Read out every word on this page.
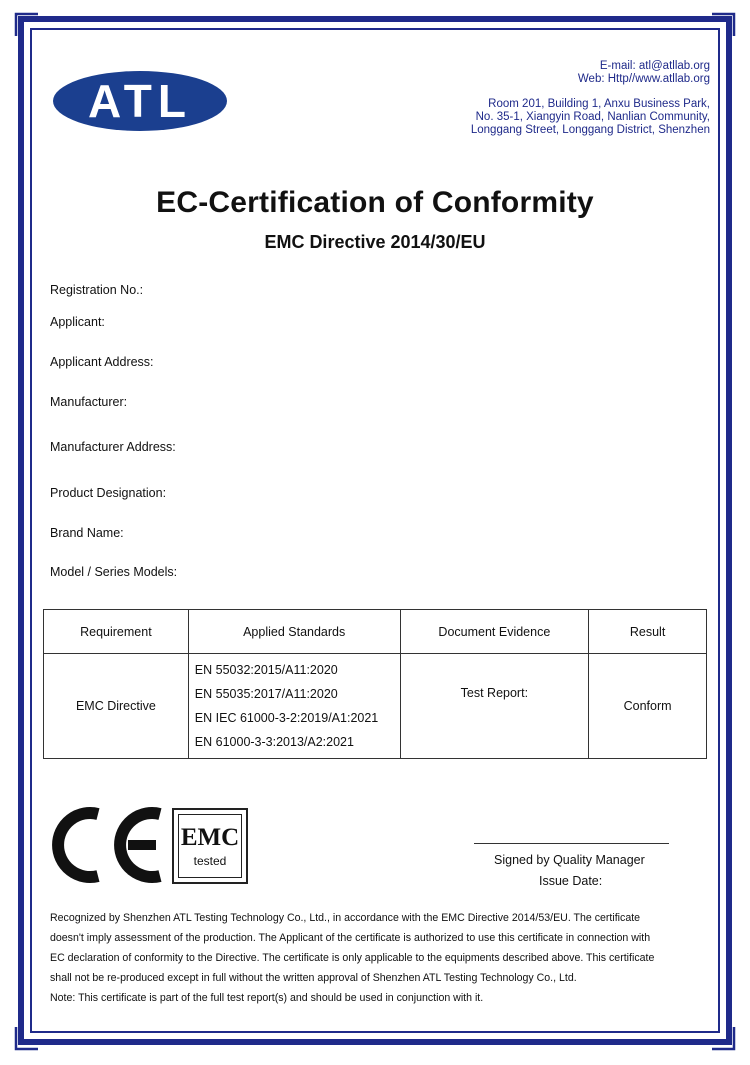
ATL
E-mail: atl@atllab.org
Web: Http//www.atllab.org
Room 201, Building 1, Anxu Business Park,
No. 35-1, Xiangyin Road, Nanlian Community,
Longgang Street, Longgang District, Shenzhen
EC-Certification of Conformity
EMC Directive 2014/30/EU
Registration No.:
Applicant:
Applicant Address:
Manufacturer:
Manufacturer Address:
Product Designation:
Brand Name:
Model / Series Models:
Requirement	Applied Standards	Document Evidence	Result
EMC Directive	EN 55032:2015/A11:2020
EN 55035:2017/A11:2020
EN IEC 61000-3-2:2019/A1:2021
EN 61000-3-3:2013/A2:2021	Test Report:	Conform
EMC
tested	Signed by Quality Manager
Issue Date:

Recognized by Shenzhen ATL Testing Technology Co., Ltd., in accordance with the EMC Directive 2014/53/EU. The certificate

doesn't imply assessment of the production. The Applicant of the certificate is authorized to use this certificate in connection with

EC declaration of conformity to the Directive. The certificate is only applicable to the equipments described above. This certificate

shall not be re-produced except in full without the written approval of Shenzhen ATL Testing Technology Co., Ltd.

Note: This certificate is part of the full test report(s) and should be used in conjunction with it.
